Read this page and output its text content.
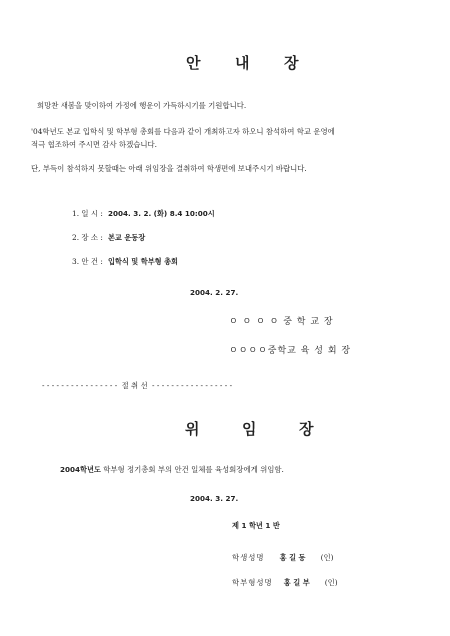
안 내 장
희망찬 새봄을 맞이하여 가정에 행운이 가득하시기를 기원합니다.
'04학년도 본교 입학식 및 학부형 총회를 다음과 같이 개최하고자 하오니 참석하여 학교 운영에
적극 협조하여 주시면 감사 하겠습니다.
단, 부득이 참석하지 못할때는 아래 위임장을 결취하여 학생편에 보내주시기 바랍니다.
1. 일 시 : 2004. 3. 2. (화) 8.4 10:00시
2. 장 소 : 본교 운동장
3. 안 건 : 입학식 및 학부형 총회
2004. 2. 27.
ㅇ ㅇ ㅇ ㅇ 중 학 교 장
ㅇㅇㅇㅇ중학교 육 성 회 장
- - - - - - - - - - - - - - - - 절 취 선 - - - - - - - - - - - - - - - - -
위	임	장
2004학년도 학부형 정기총회 부의 안건 일체를 육성회장에게 위임함.
2004. 3. 27.
제 1 학년 1 반
학생성명 홍 길 동 (인)
학부형성명 홍 길 부 (인)
